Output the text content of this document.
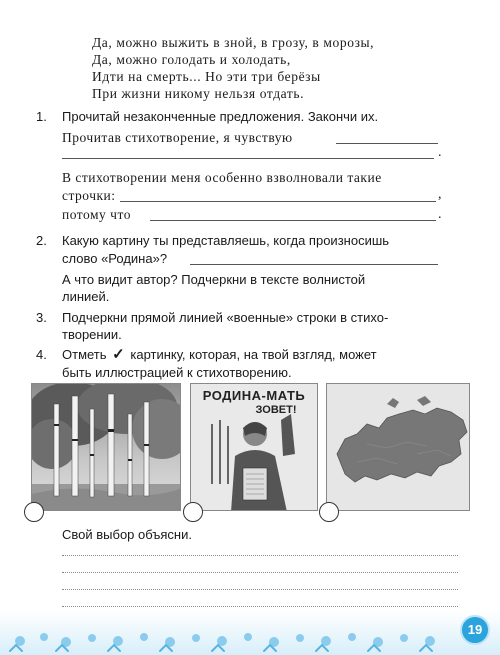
Да, можно выжить в зной, в грозу, в морозы,
Да, можно голодать и холодать,
Идти на смерть... Но эти три берёзы
При жизни никому нельзя отдать.
1.	Прочитай незаконченные предложения. Закончи их.
Прочитав стихотворение, я чувствую
.
В стихотворении меня особенно взволновали такие
строчки:	,
потому что	.
2.	Какую картину ты представляешь, когда произносишь
слово «Родина»?
А что видит автор? Подчеркни в тексте волнистой
линией.
3.	Подчеркни прямой линией «военные» строки в стихо-
творении.
4.	Отметь ✓ картинку, которая, на твой взгляд, может
быть иллюстрацией к стихотворению.
РОДИНА-МАТЬ
ЗОВЕТ!
Свой выбор объясни.
19
